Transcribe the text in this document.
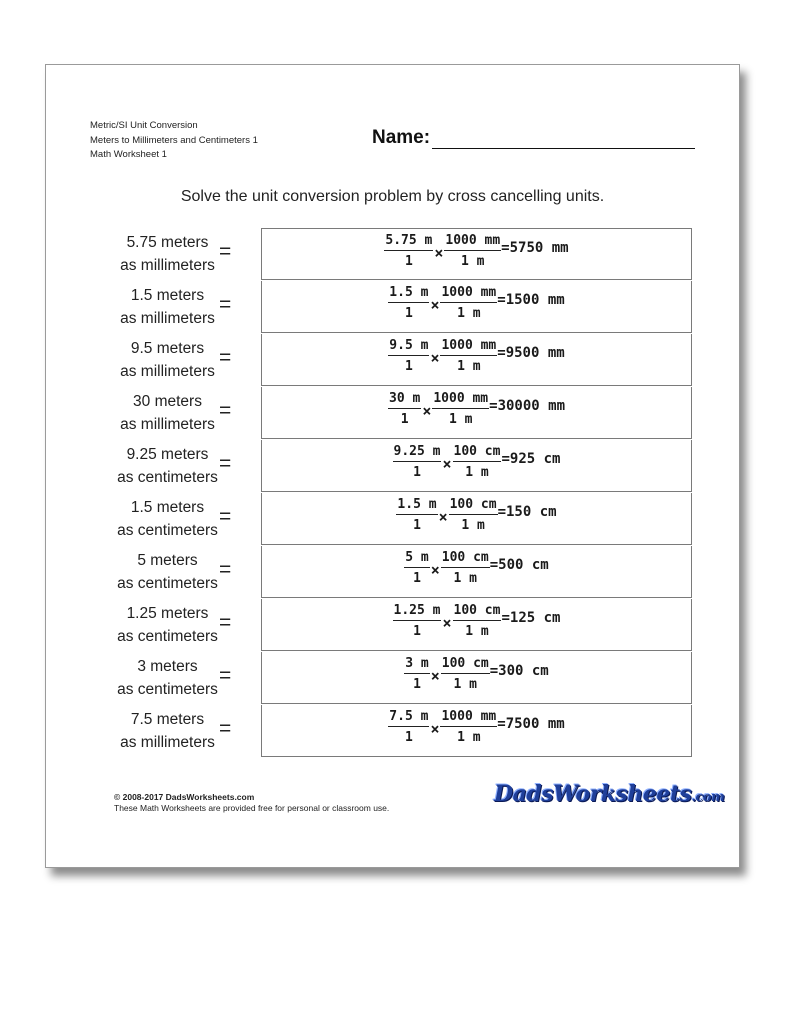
Metric/SI Unit Conversion
Meters to Millimeters and Centimeters 1
Math Worksheet 1
Name:
Solve the unit conversion problem by cross cancelling units.
5.75 meters
as millimeters
=	$\frac{5.75 m}{1} \times \frac{1000 mm}{1 m} =5750$ mm
1.5 meters
as millimeters
=	$\frac{1.5 m}{1} \times \frac{1000 mm}{1 m} =1500$ mm
9.5 meters
as millimeters
=	$\frac{9.5 m}{1} \times \frac{1000 mm}{1 m} =9500$ mm
30 meters
as millimeters
=	$\frac{30 m}{1} \times \frac{1000 mm}{1 m} =30000$ mm
9.25 meters
as centimeters
=	$\frac{9.25 m}{1} \times \frac{100 cm}{1 m} =925$ cm
1.5 meters
as centimeters
=	$\frac{1.5 m}{1} \times \frac{100 cm}{1 m} =150$ cm
5 meters
as centimeters
=	$\frac{5 m}{1} \times \frac{100 cm}{1 m} =500$ cm
1.25 meters
as centimeters
=	$\frac{1.25 m}{1} \times \frac{100 cm}{1 m} =125$ cm
3 meters
as centimeters
=	$\frac{3 m}{1} \times \frac{100 cm}{1 m} =300$ cm
7.5 meters
as millimeters
=	$\frac{7.5 m}{1} \times \frac{1000 mm}{1 m} =7500$ mm
© 2008-2017 DadsWorksheets.com
These Math Worksheets are provided free for personal or classroom use.
DadsWorksheets.com
